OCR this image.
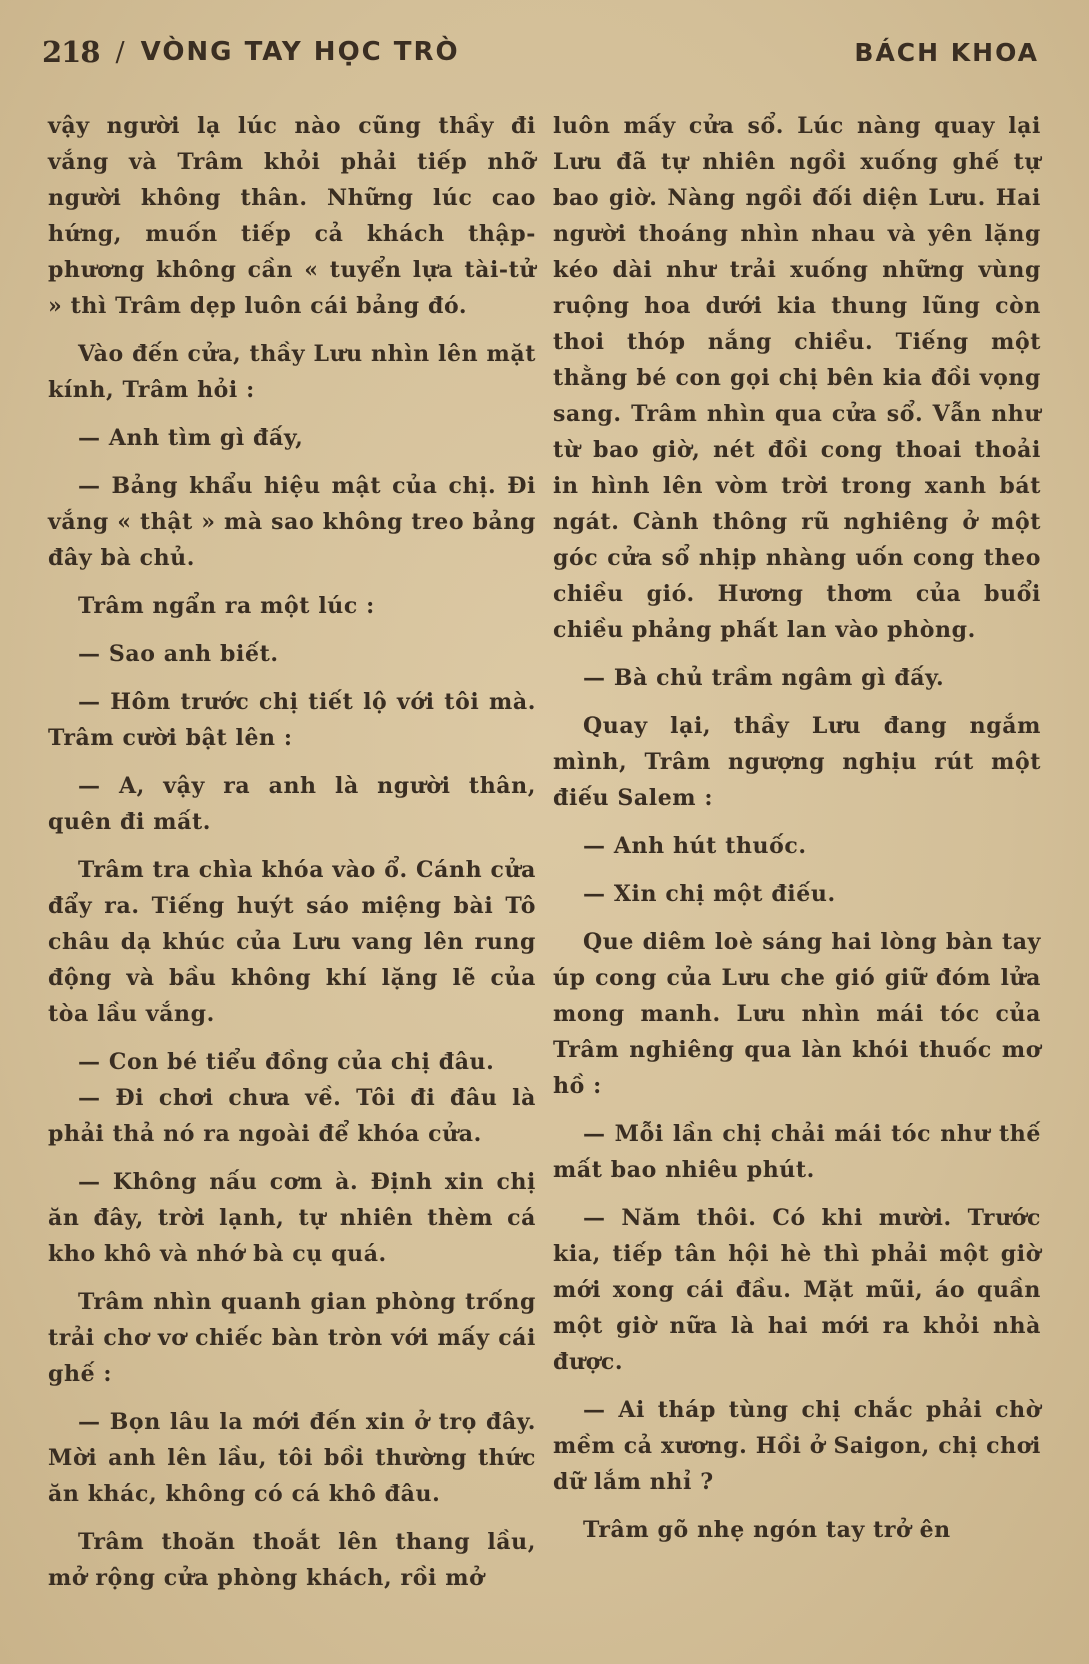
218 / VÒNG TAY HỌC TRÒ	BÁCH KHOA

vậy người lạ lúc nào cũng thầy đi vắng và Trâm khỏi phải tiếp nhỡ người không thân. Những lúc cao hứng, muốn tiếp cả khách thập-phương không cần « tuyển lựa tài-tử » thì Trâm dẹp luôn cái bảng đó.

Vào đến cửa, thầy Lưu nhìn lên mặt kính, Trâm hỏi :

— Anh tìm gì đấy,

— Bảng khẩu hiệu mật của chị. Đi vắng « thật » mà sao không treo bảng đây bà chủ.

Trâm ngẩn ra một lúc :

— Sao anh biết.

— Hôm trước chị tiết lộ với tôi mà. Trâm cười bật lên :

— A, vậy ra anh là người thân, quên đi mất.

Trâm tra chìa khóa vào ổ. Cánh cửa đẩy ra. Tiếng huýt sáo miệng bài Tô châu dạ khúc của Lưu vang lên rung động và bầu không khí lặng lẽ của tòa lầu vắng.

— Con bé tiểu đồng của chị đâu.

— Đi chơi chưa về. Tôi đi đâu là phải thả nó ra ngoài để khóa cửa.

— Không nấu cơm à. Định xin chị ăn đây, trời lạnh, tự nhiên thèm cá kho khô và nhớ bà cụ quá.

Trâm nhìn quanh gian phòng trống trải chơ vơ chiếc bàn tròn với mấy cái ghế :

— Bọn lâu la mới đến xin ở trọ đây. Mời anh lên lầu, tôi bồi thường thức ăn khác, không có cá khô đâu.

Trâm thoăn thoắt lên thang lầu, mở rộng cửa phòng khách, rồi mở

luôn mấy cửa sổ. Lúc nàng quay lại Lưu đã tự nhiên ngồi xuống ghế tự bao giờ. Nàng ngồi đối diện Lưu. Hai người thoáng nhìn nhau và yên lặng kéo dài như trải xuống những vùng ruộng hoa dưới kia thung lũng còn thoi thóp nắng chiều. Tiếng một thằng bé con gọi chị bên kia đồi vọng sang. Trâm nhìn qua cửa sổ. Vẫn như từ bao giờ, nét đồi cong thoai thoải in hình lên vòm trời trong xanh bát ngát. Cành thông rũ nghiêng ở một góc cửa sổ nhịp nhàng uốn cong theo chiều gió. Hương thơm của buổi chiều phảng phất lan vào phòng.

— Bà chủ trầm ngâm gì đấy.

Quay lại, thầy Lưu đang ngắm mình, Trâm ngượng nghịu rút một điếu Salem :

— Anh hút thuốc.

— Xin chị một điếu.

Que diêm loè sáng hai lòng bàn tay úp cong của Lưu che gió giữ đóm lửa mong manh. Lưu nhìn mái tóc của Trâm nghiêng qua làn khói thuốc mơ hồ :

— Mỗi lần chị chải mái tóc như thế mất bao nhiêu phút.

— Năm thôi. Có khi mười. Trước kia, tiếp tân hội hè thì phải một giờ mới xong cái đầu. Mặt mũi, áo quần một giờ nữa là hai mới ra khỏi nhà được.

— Ai tháp tùng chị chắc phải chờ mềm cả xương. Hồi ở Saigon, chị chơi dữ lắm nhỉ ?

Trâm gõ nhẹ ngón tay trở ên
